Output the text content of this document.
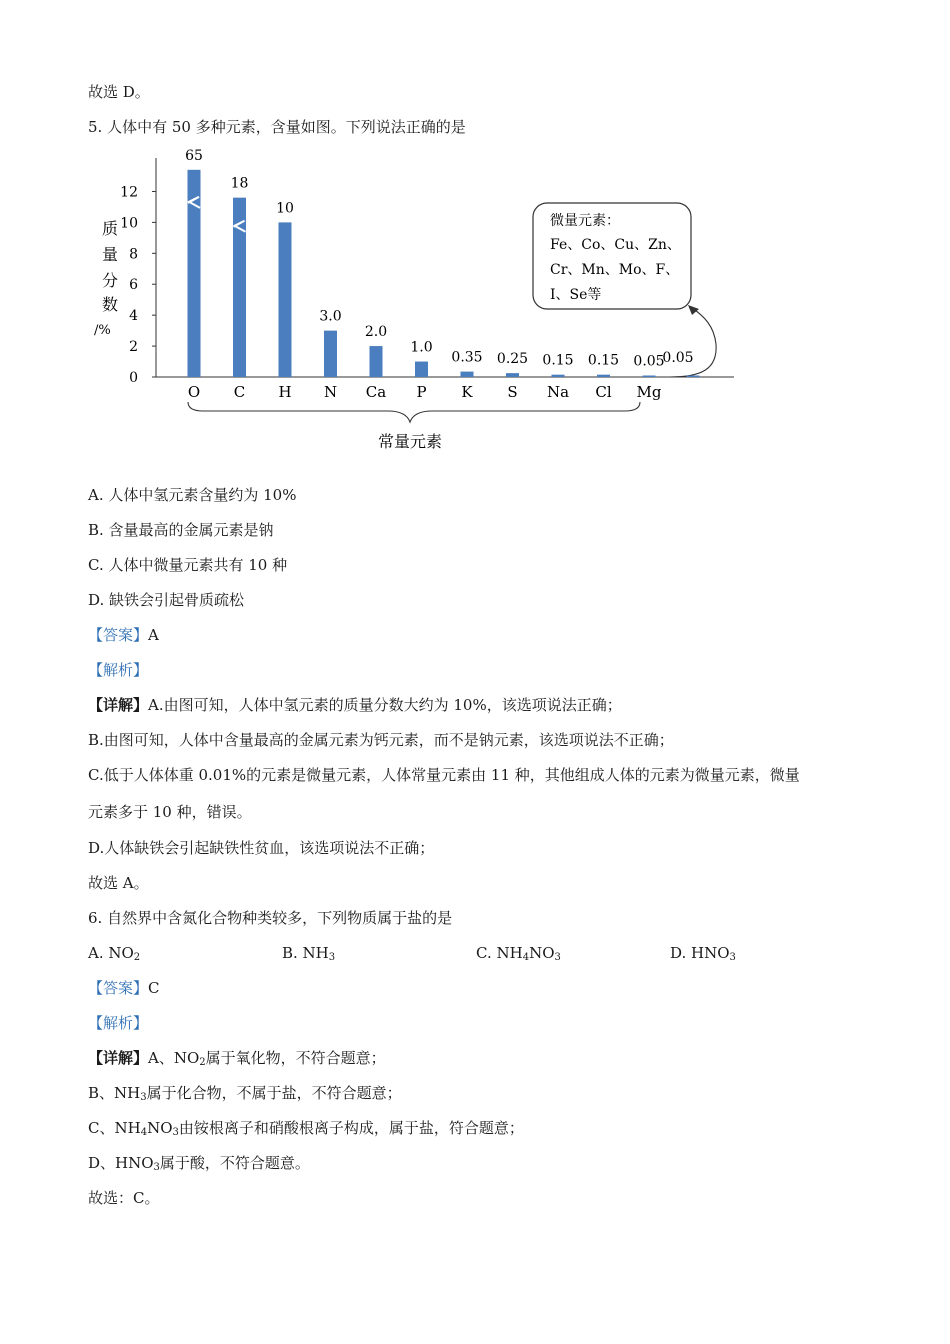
故选 D。
5. 人体中有 50 多种元素，含量如图。下列说法正确的是
质
量
分
数
/%
常量元素
微量元素：
Fe、Co、Cu、Zn、
Cr、Mn、Mo、F、
I、Se等
0.05
0
2
4
6
8
10
12
65
O
18
C
10
H
3.0
N
2.0
Ca
1.0
P
0.35
K
0.25
S
0.15
Na
0.15
Cl
0.05
Mg
A. 人体中氢元素含量约为 10%
B. 含量最高的金属元素是钠
C. 人体中微量元素共有 10 种
D. 缺铁会引起骨质疏松
【答案】A
【解析】
【详解】A.由图可知，人体中氢元素的质量分数大约为 10%，该选项说法正确；
B.由图可知，人体中含量最高的金属元素为钙元素，而不是钠元素，该选项说法不正确；
C.低于人体体重 0.01%的元素是微量元素，人体常量元素由 11 种，其他组成人体的元素为微量元素，微量
元素多于 10 种，错误。
D.人体缺铁会引起缺铁性贫血，该选项说法不正确；
故选 A。
6. 自然界中含氮化合物种类较多，下列物质属于盐的是
A. $NO_2$	B. $NH_3$	C. $NH_4NO_3$	D. $HNO_3$
【答案】C
【解析】
【详解】A、$NO_2$属于氧化物，不符合题意；
B、$NH_3$属于化合物，不属于盐，不符合题意；
C、$NH_4NO_3$由铵根离子和硝酸根离子构成，属于盐，符合题意；
D、$HNO_3$属于酸，不符合题意。
故选：C。
